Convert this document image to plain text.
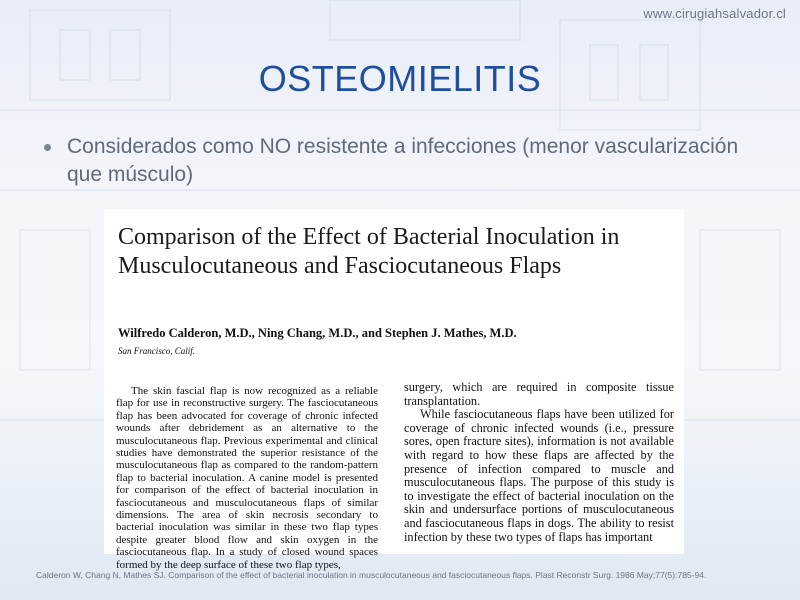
www.cirugiahsalvador.cl
OSTEOMIELITIS
Considerados como NO resistente a infecciones (menor vascularización que músculo)
Comparison of the Effect of Bacterial Inoculation in Musculocutaneous and Fasciocutaneous Flaps
Wilfredo Calderon, M.D., Ning Chang, M.D., and Stephen J. Mathes, M.D.
San Francisco, Calif.
The skin fascial flap is now recognized as a reliable flap for use in reconstructive surgery. The fasciocutaneous flap has been advocated for coverage of chronic infected wounds after debridement as an alternative to the musculocutaneous flap. Previous experimental and clinical studies have demonstrated the superior resistance of the musculocutaneous flap as compared to the random-pattern flap to bacterial inoculation. A canine model is presented for comparison of the effect of bacterial inoculation in fasciocutaneous and musculocutaneous flaps of similar dimensions. The area of skin necrosis secondary to bacterial inoculation was similar in these two flap types despite greater blood flow and skin oxygen in the fasciocutaneous flap. In a study of closed wound spaces formed by the deep surface of these two flap types,

surgery, which are required in composite tissue transplantation.

While fasciocutaneous flaps have been utilized for coverage of chronic infected wounds (i.e., pressure sores, open fracture sites), information is not available with regard to how these flaps are affected by the presence of infection compared to muscle and musculocutaneous flaps. The purpose of this study is to investigate the effect of bacterial inoculation on the skin and undersurface portions of musculocutaneous and fasciocutaneous flaps in dogs. The ability to resist infection by these two types of flaps has important

Calderon W, Chang N, Mathes SJ. Comparison of the effect of bacterial inoculation in musculocutaneous and fasciocutaneous flaps. Plast Reconstr Surg. 1986 May;77(5):785-94.
